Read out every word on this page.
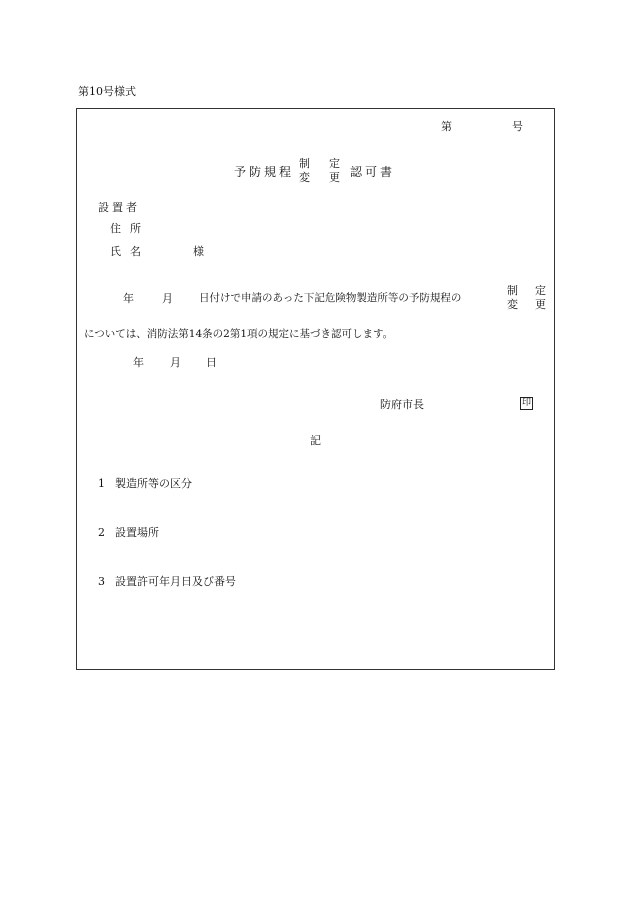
第10号様式
第	号
予防規程
制 定
変 更 認可書
設置者
住所
氏名	様
年	月 日付けで申請のあった下記危険物製造所等の予防規程の
制 定
変 更
については、消防法第14条の2第1項の規定に基づき認可します。
年 月 日
防府市長	印
記
1 製造所等の区分
2 設置場所
3 設置許可年月日及び番号
